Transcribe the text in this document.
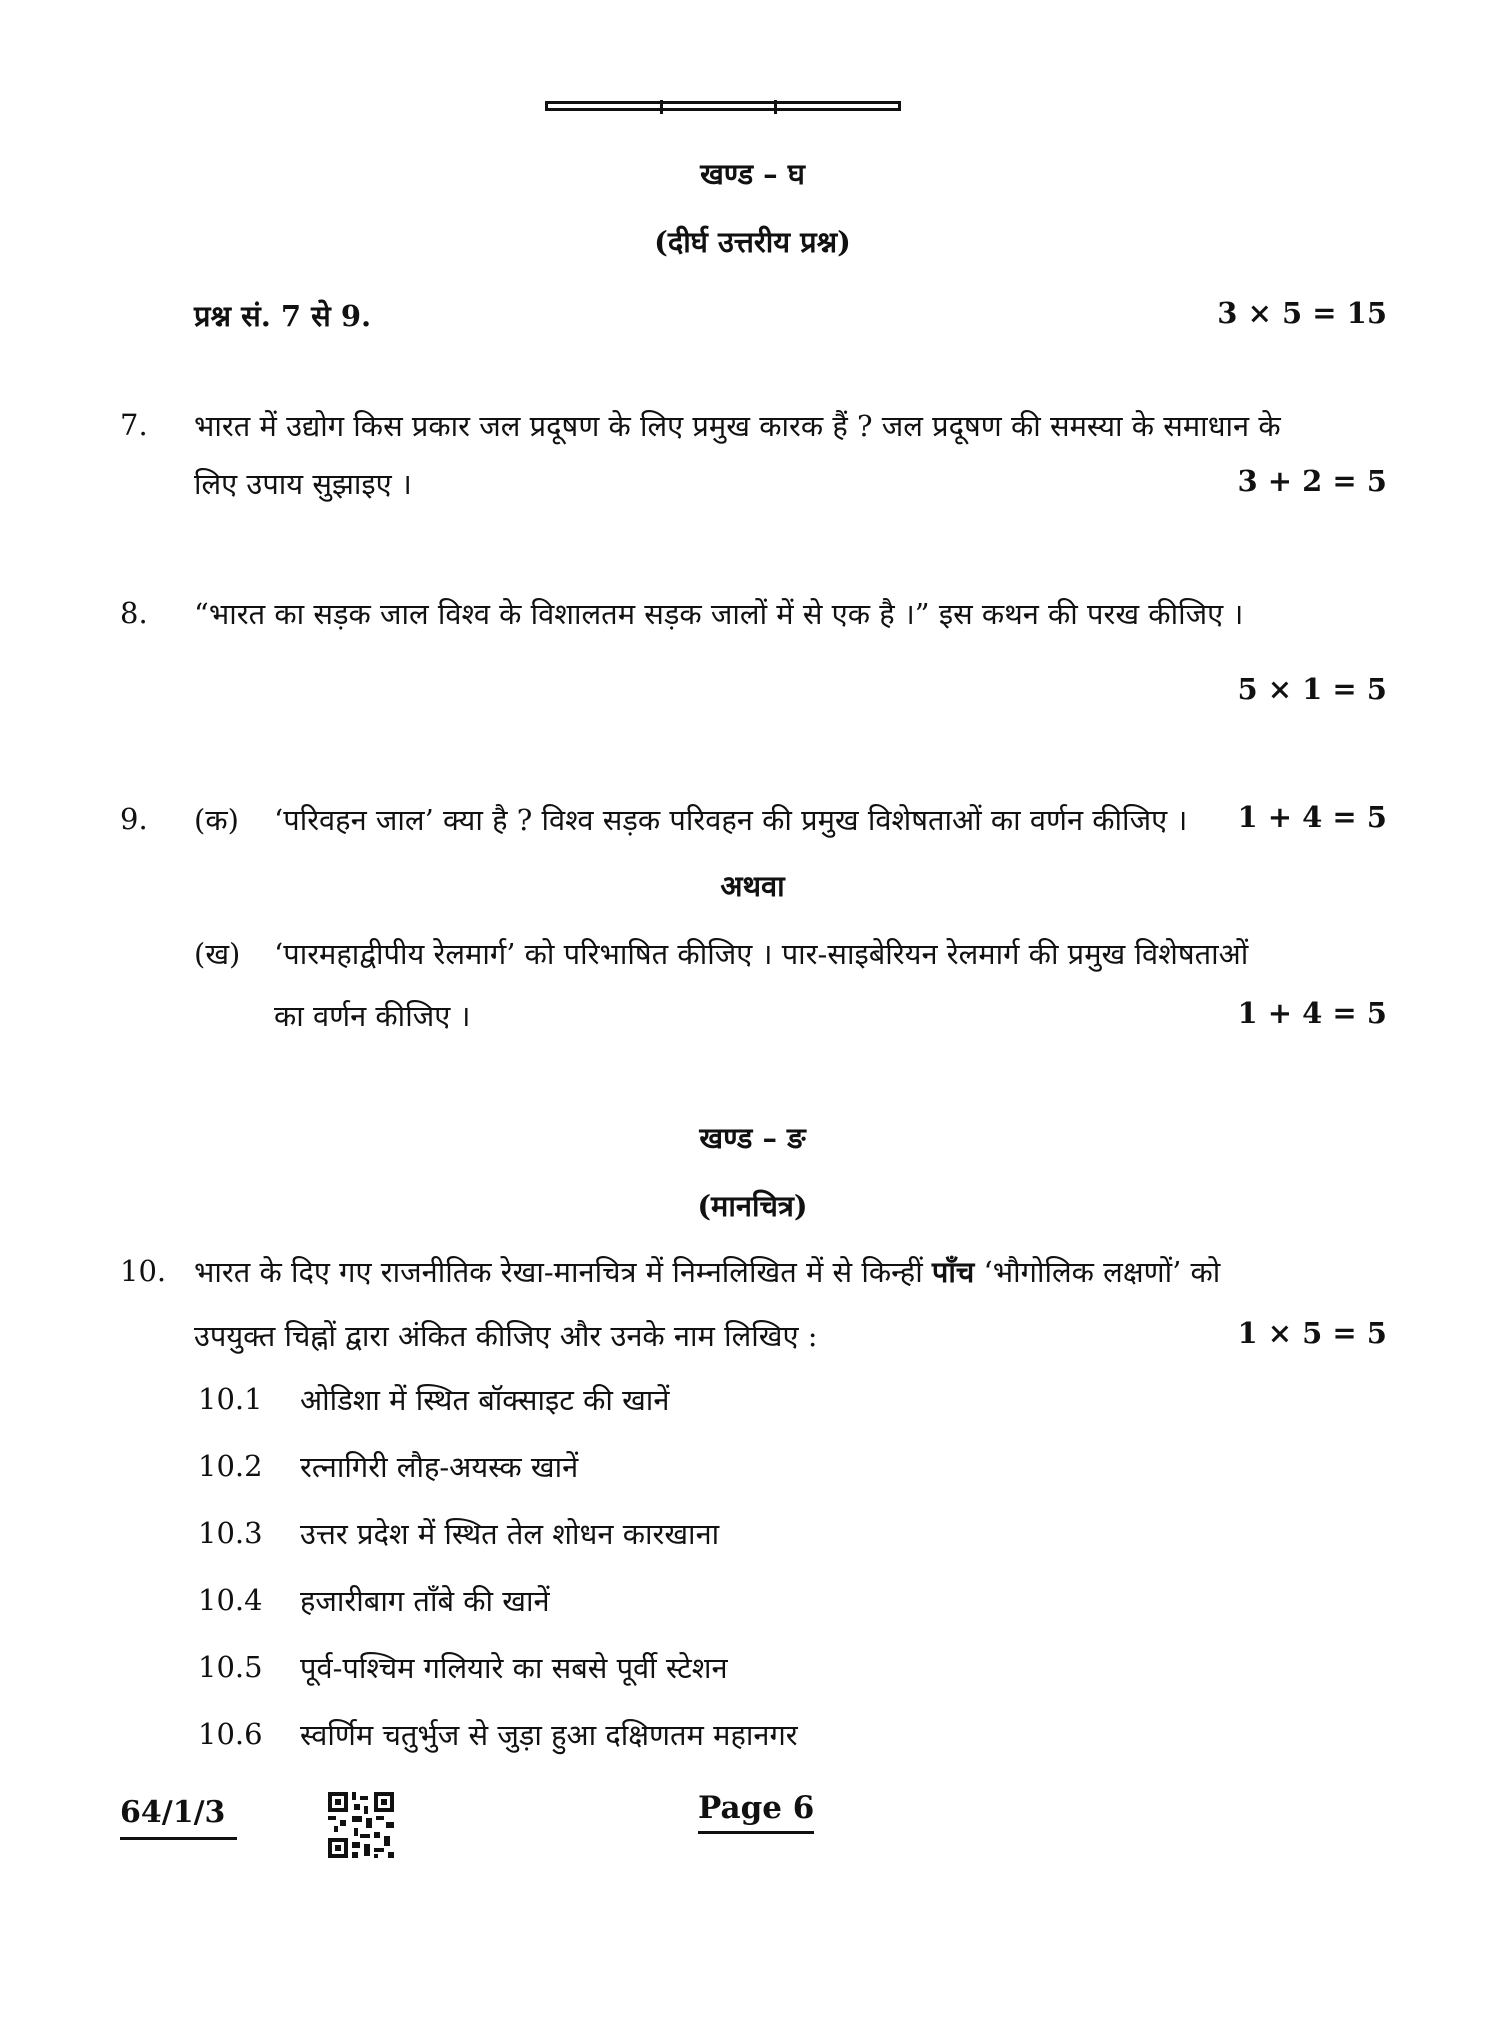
खण्ड – घ
(दीर्घ उत्तरीय प्रश्न)
प्रश्न सं. 7 से 9.	3 × 5 = 15
7. भारत में उद्योग किस प्रकार जल प्रदूषण के लिए प्रमुख कारक हैं ? जल प्रदूषण की समस्या के समाधान के
लिए उपाय सुझाइए ।	3 + 2 = 5
8. “भारत का सड़क जाल विश्व के विशालतम सड़क जालों में से एक है ।” इस कथन की परख कीजिए ।
5 × 1 = 5
9. (क) ‘परिवहन जाल’ क्या है ? विश्व सड़क परिवहन की प्रमुख विशेषताओं का वर्णन कीजिए । 1 + 4 = 5
अथवा
(ख) ‘पारमहाद्वीपीय रेलमार्ग’ को परिभाषित कीजिए । पार-साइबेरियन रेलमार्ग की प्रमुख विशेषताओं
का वर्णन कीजिए ।	1 + 4 = 5
खण्ड – ङ
(मानचित्र)
10. भारत के दिए गए राजनीतिक रेखा-मानचित्र में निम्नलिखित में से किन्हीं पाँच ‘भौगोलिक लक्षणों’ को
उपयुक्त चिह्नों द्वारा अंकित कीजिए और उनके नाम लिखिए :	1 × 5 = 5
10.1 ओडिशा में स्थित बॉक्साइट की खानें
10.2 रत्नागिरी लौह-अयस्क खानें
10.3 उत्तर प्रदेश में स्थित तेल शोधन कारखाना
10.4 हजारीबाग ताँबे की खानें
10.5 पूर्व-पश्चिम गलियारे का सबसे पूर्वी स्टेशन
10.6 स्वर्णिम चतुर्भुज से जुड़ा हुआ दक्षिणतम महानगर
64/1/3	Page 6
